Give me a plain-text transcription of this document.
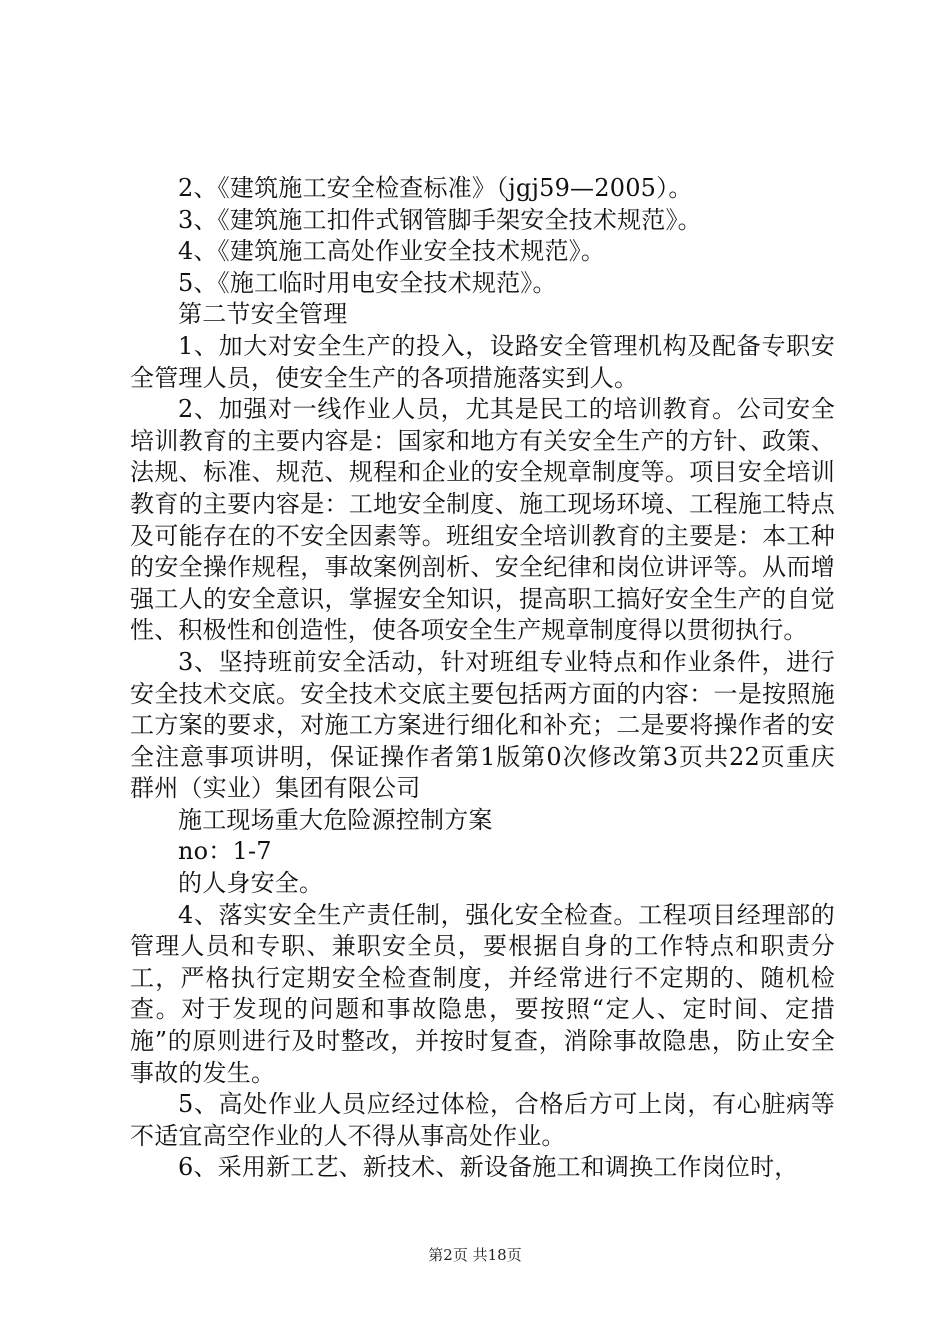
2、《建筑施工安全检查标准》（jgj59—2005）。

3、《建筑施工扣件式钢管脚手架安全技术规范》。

4、《建筑施工高处作业安全技术规范》。

5、《施工临时用电安全技术规范》。

第二节安全管理

1、加大对安全生产的投入，设路安全管理机构及配备专职安全管理人员，使安全生产的各项措施落实到人。

2、加强对一线作业人员，尤其是民工的培训教育。公司安全培训教育的主要内容是：国家和地方有关安全生产的方针、政策、法规、标准、规范、规程和企业的安全规章制度等。项目安全培训教育的主要内容是：工地安全制度、施工现场环境、工程施工特点及可能存在的不安全因素等。班组安全培训教育的主要是：本工种的安全操作规程，事故案例剖析、安全纪律和岗位讲评等。从而增强工人的安全意识，掌握安全知识，提高职工搞好安全生产的自觉性、积极性和创造性，使各项安全生产规章制度得以贯彻执行。

3、坚持班前安全活动，针对班组专业特点和作业条件，进行安全技术交底。安全技术交底主要包括两方面的内容：一是按照施工方案的要求，对施工方案进行细化和补充；二是要将操作者的安全注意事项讲明，保证操作者第1版第0次修改第3页共22页重庆群州（实业）集团有限公司

施工现场重大危险源控制方案

no：1-7

的人身安全。

4、落实安全生产责任制，强化安全检查。工程项目经理部的管理人员和专职、兼职安全员，要根据自身的工作特点和职责分工，严格执行定期安全检查制度，并经常进行不定期的、随机检查。对于发现的问题和事故隐患，要按照“定人、定时间、定措施”的原则进行及时整改，并按时复查，消除事故隐患，防止安全事故的发生。

5、高处作业人员应经过体检，合格后方可上岗，有心脏病等不适宜高空作业的人不得从事高处作业。

6、采用新工艺、新技术、新设备施工和调换工作岗位时，

第2页 共18页
